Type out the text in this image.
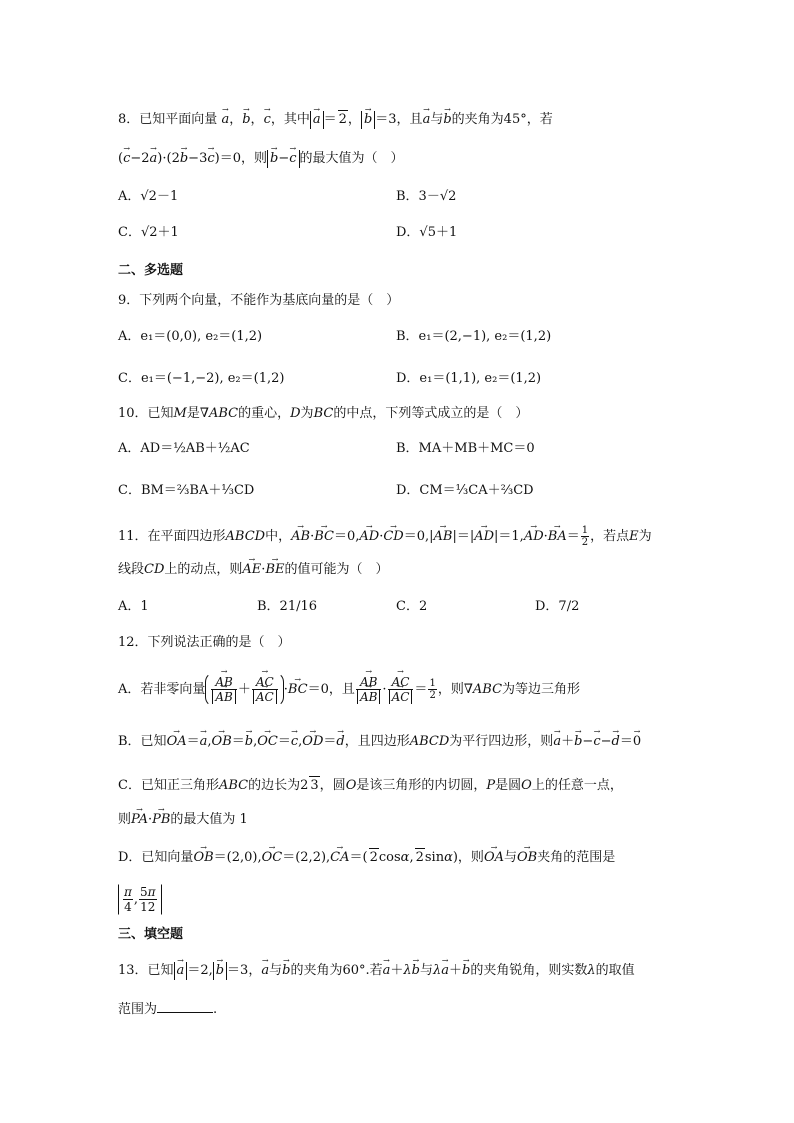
8．已知平面向量 → a，→ b，→ c，其中 → a ＝ 2， → b ＝3，且→ a与→ b的夹角为45°，若
(→ c−2→ a)·(2→ b−3→ c)＝0，则 → b−→ c 的最大值为（　）
A．√2－1	B．3－√2
C．√2＋1	D．√5＋1
二、多选题
9．下列两个向量，不能作为基底向量的是（　）
A．e₁＝(0,0), e₂＝(1,2)	B．e₁＝(2,−1), e₂＝(1,2)
C．e₁＝(−1,−2), e₂＝(1,2)	D．e₁＝(1,1), e₂＝(1,2)
10．已知M是∇ABC的重心，D为BC的中点，下列等式成立的是（　）
A．AD＝½AB＋½AC	B．MA＋MB＋MC＝0
C．BM＝⅔BA＋⅓CD	D．CM＝⅓CA＋⅔CD
11．在平面四边形ABCD中，→ $AB\cdot\to BC=0,\to AD\cdot\to CD=0,|\to AB|=|\to AD|=1,\to AD\cdot\to BA= \frac{1}{2}$ ，若点E为
线段CD上的动点，则→ AE·→ BE的值可能为（　）
A．1	B．21/16	C．2	D．7/2
12．下列说法正确的是（　）
A．若非零向量 → AB
→ AB ＋ → AC
→ AC ·→ BC＝0，且 → AB
→ AB · → AC
→ AC ＝ $\frac{1}{2}$ ，则∇ABC为等边三角形
B．已知→ OA＝→ a,→ OB＝→ b,→ OC＝→ c,→ OD＝→ d，且四边形ABCD为平行四边形，则→ a＋→ b−→ c−→ d＝→ 0
C．已知正三角形ABC的边长为2 3，圆O是该三角形的内切圆，P是圆O上的任意一点，
则→ PA·→ PB的最大值为 1
D．已知向量→ OB＝(2,0),→ OC＝(2,2),→ CA＝( 2cosα, 2sinα)，则→ OA与→ OB夹角的范围是
$\frac{\pi}{4}$ , $\frac{5\pi}{12}$
三、填空题
13．已知 → a ＝2, → b ＝3，→ a与→ b的夹角为60°.若→ a＋λ→ b与λ→ a＋→ b的夹角锐角，则实数λ的取值
范围为	.
